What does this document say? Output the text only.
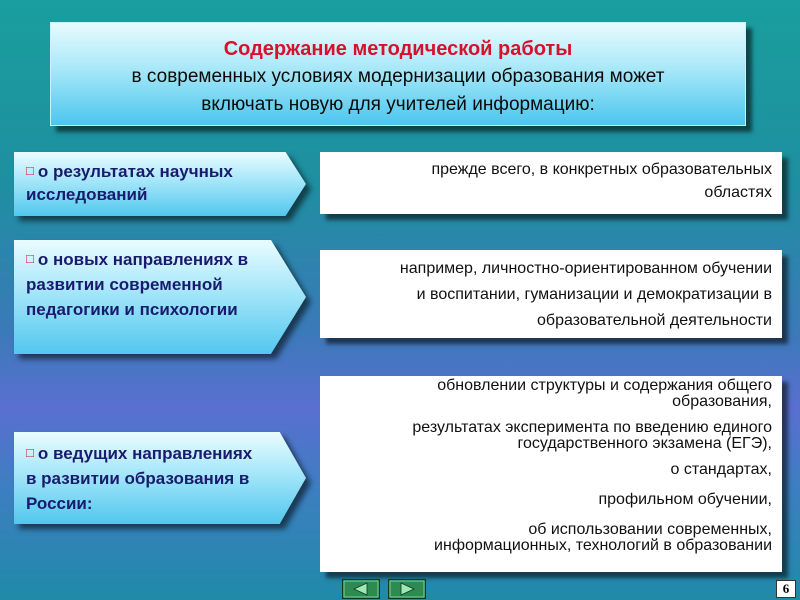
Содержание методической работы
в современных условиях модернизации образования может
включать новую для учителей информацию:
□ о результатах научных
исследований

прежде всего, в конкретных образовательных

областях

□ о новых направлениях в
развитии современной
педагогики и психологии

например, личностно-ориентированном обучении

и воспитании, гуманизации и демократизации в

образовательной деятельности

□ о ведущих направлениях
в развитии образования в
России:

обновлении структуры и содержания общего

образования,

результатах эксперимента по введению единого

государственного экзамена (ЕГЭ),

о стандартах,

профильном обучении,

об использовании современных,

информационных, технологий в образовании

6
